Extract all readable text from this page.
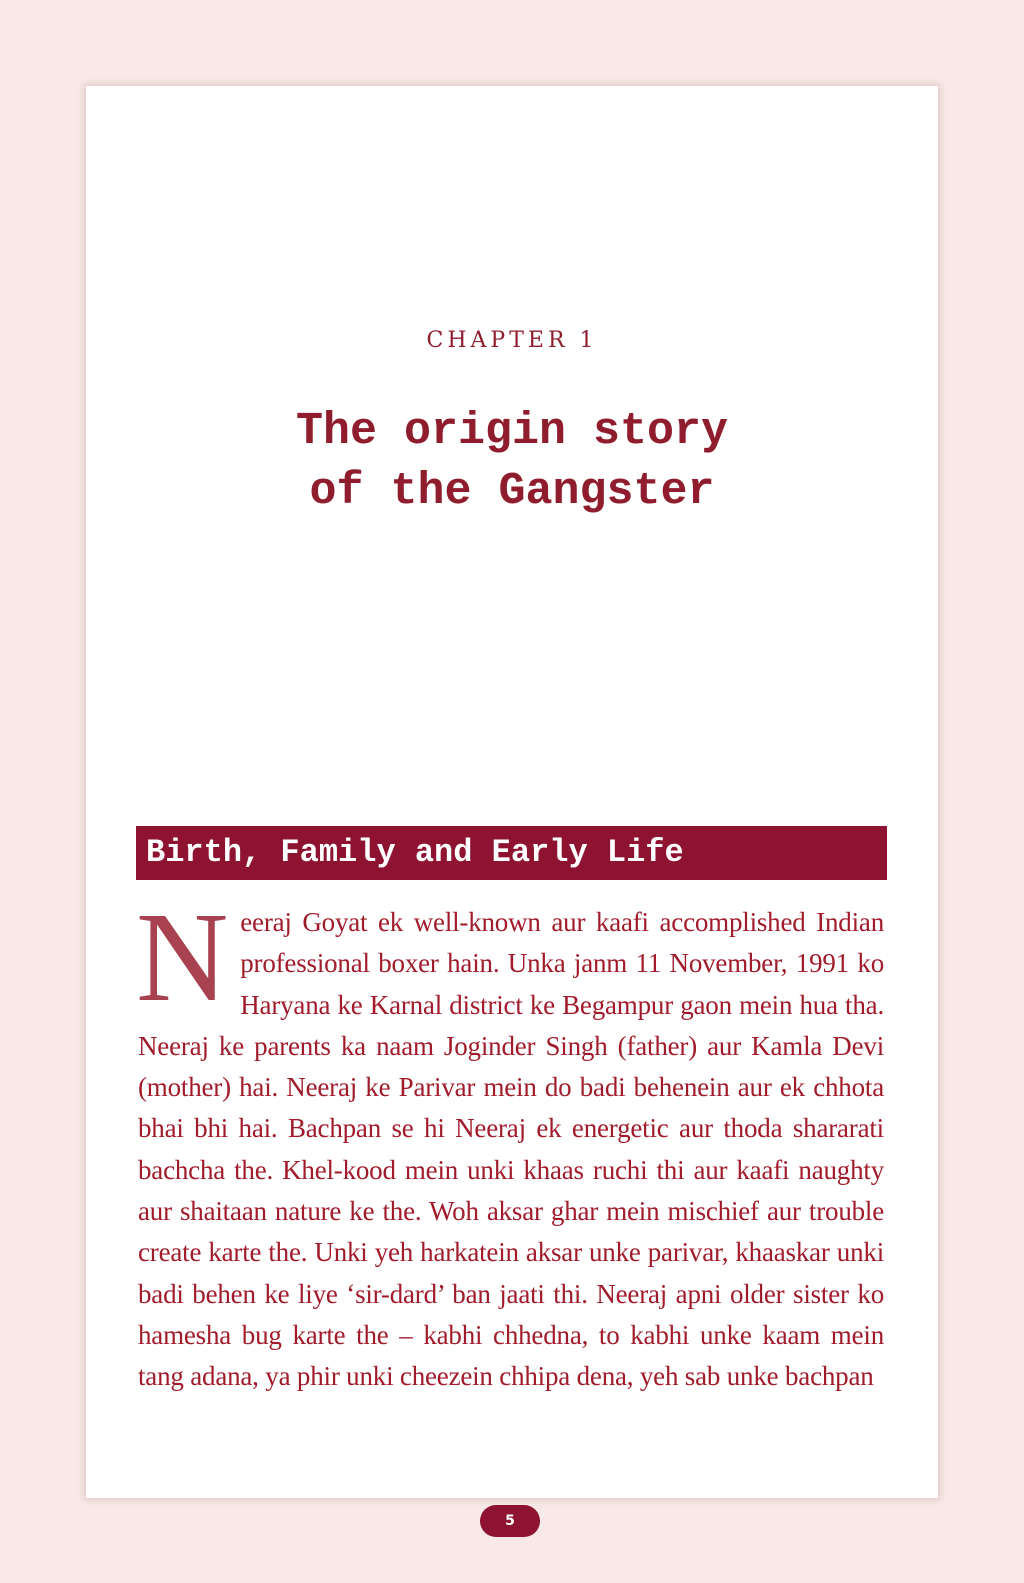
CHAPTER 1
The origin story
of the Gangster
Birth, Family and Early Life

Neeraj Goyat ek well-known aur kaafi accomplished Indian professional boxer hain. Unka janm 11 November, 1991 ko Haryana ke Karnal district ke Begampur gaon mein hua tha. Neeraj ke parents ka naam Joginder Singh (father) aur Kamla Devi (mother) hai. Neeraj ke Parivar mein do badi behenein aur ek chhota bhai bhi hai. Bachpan se hi Neeraj ek energetic aur thoda shararati bachcha the. Khel-kood mein unki khaas ruchi thi aur kaafi naughty aur shaitaan nature ke the. Woh aksar ghar mein mischief aur trouble create karte the. Unki yeh harkatein aksar unke parivar, khaaskar unki badi behen ke liye ‘sir-dard’ ban jaati thi. Neeraj apni older sister ko hamesha bug karte the – kabhi chhedna, to kabhi unke kaam mein tang adana, ya phir unki cheezein chhipa dena, yeh sab unke bachpan

5
